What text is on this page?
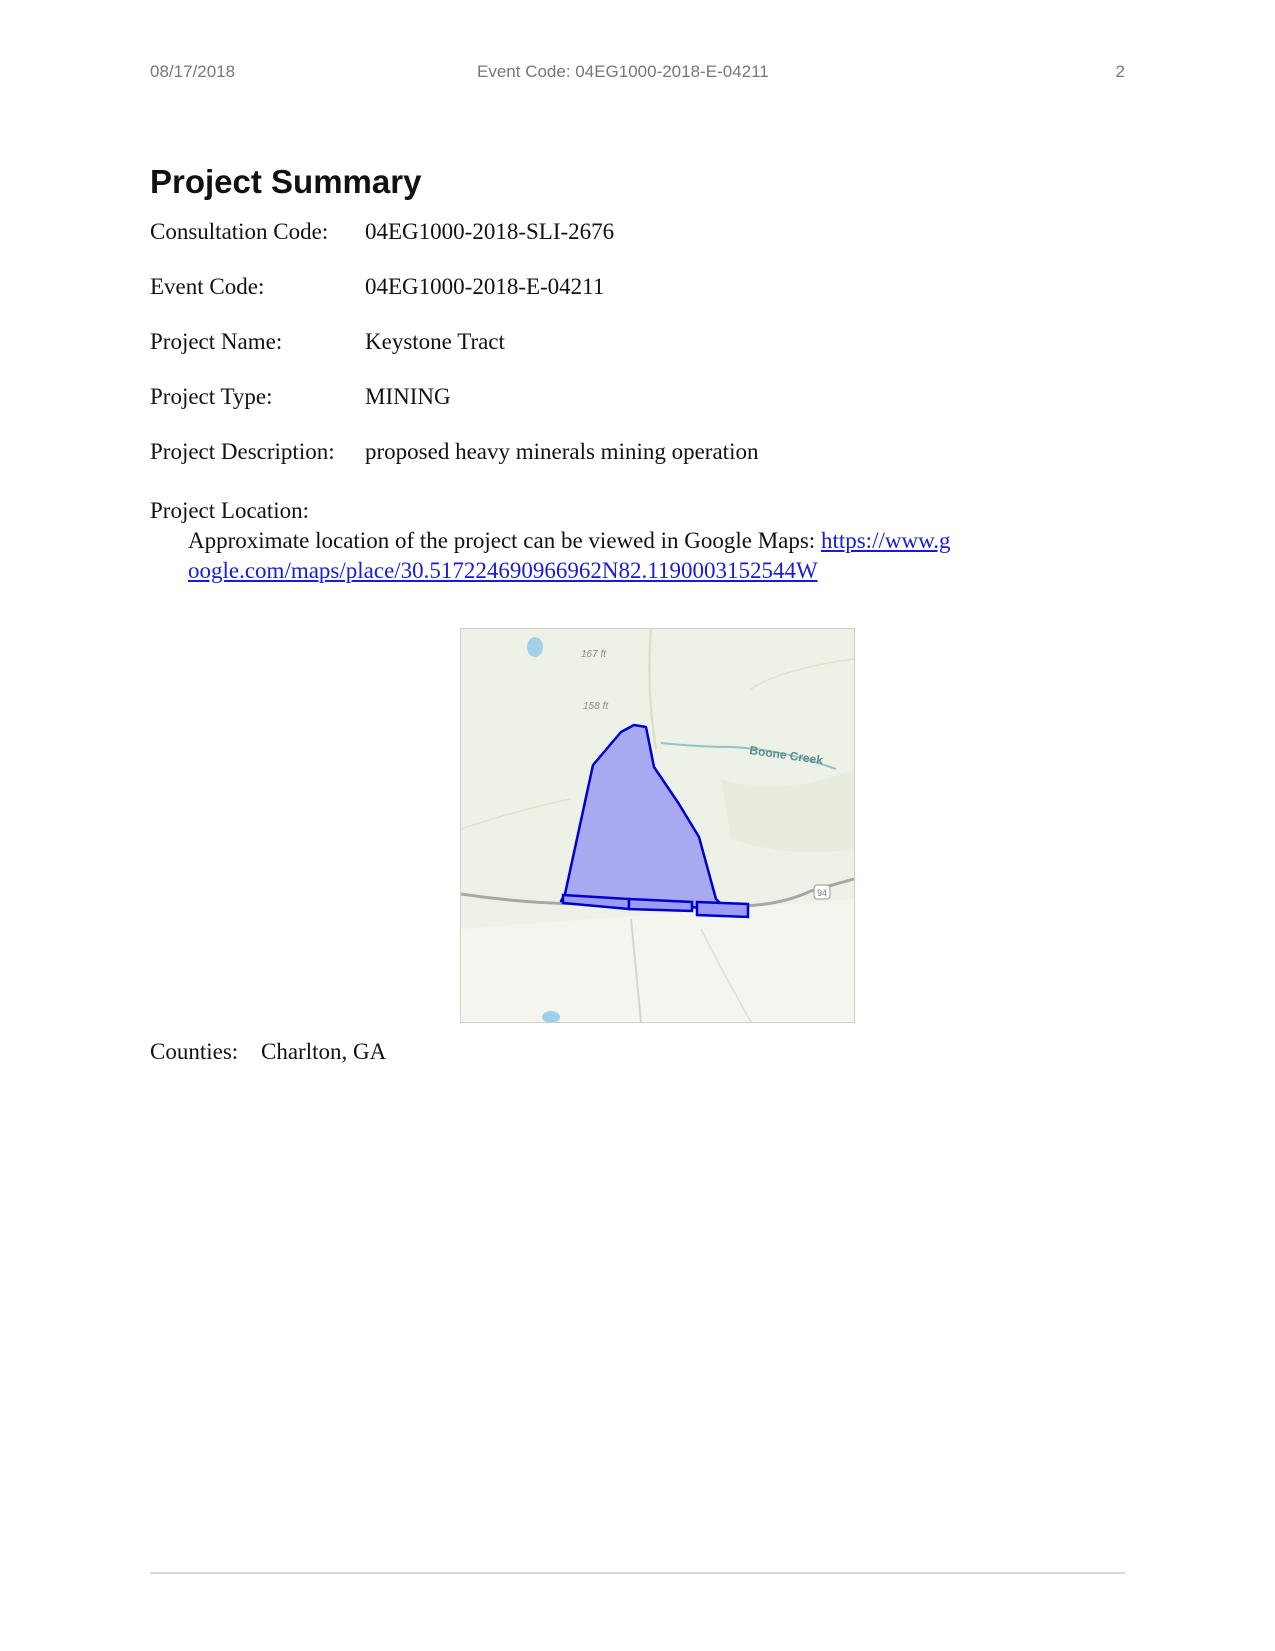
08/17/2018	Event Code: 04EG1000-2018-E-04211	2
Project Summary
Consultation Code: 04EG1000-2018-SLI-2676
Event Code:	04EG1000-2018-E-04211
Project Name:	Keystone Tract
Project Type:	MINING
Project Description: proposed heavy minerals mining operation
Project Location:
Approximate location of the project can be viewed in Google Maps: https://www.google.com/maps/place/30.517224690966962N82.1190003152544W
167 ft
158 ft
Boone Creek
94
Counties: Charlton, GA
